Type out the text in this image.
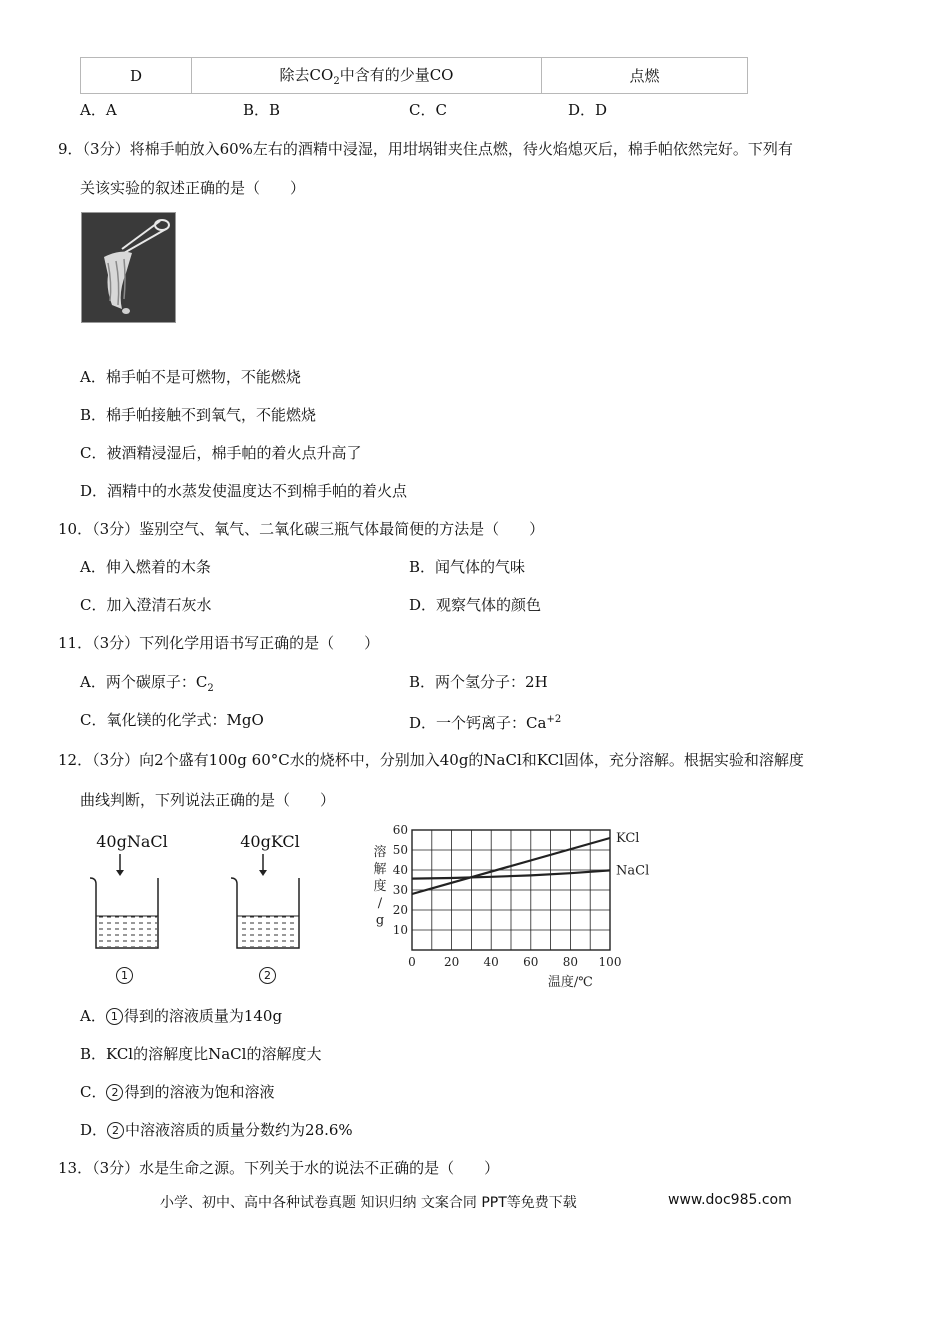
D	除去$CO_2$中含有的少量CO	点燃
A．A	B．B	C．C	D．D
9．（3分）将棉手帕放入60%左右的酒精中浸湿，用坩埚钳夹住点燃，待火焰熄灭后，棉手帕依然完好。下列有
关该实验的叙述正确的是（　　）
A．棉手帕不是可燃物，不能燃烧
B．棉手帕接触不到氧气，不能燃烧
C．被酒精浸湿后，棉手帕的着火点升高了
D．酒精中的水蒸发使温度达不到棉手帕的着火点
10．（3分）鉴别空气、氧气、二氧化碳三瓶气体最简便的方法是（　　）
A．伸入燃着的木条	B．闻气体的气味
C．加入澄清石灰水	D．观察气体的颜色
11．（3分）下列化学用语书写正确的是（　　）
A．两个碳原子：$C_2$	B．两个氢分子：2H
C．氧化镁的化学式：MgO	D．一个钙离子：$Ca^{+2}$
12．（3分）向2个盛有100g 60°C水的烧杯中，分别加入40g的NaCl和KCl固体，充分溶解。根据实验和溶解度
曲线判断，下列说法正确的是（　　）
40gNaCl
1
40gKCl
2
KCl
NaCl
0 20 40 60 80 100
10
20
30
40
50
60
溶
解
度
/
g
温度/℃
A． 1 得到的溶液质量为140g
B．KCl的溶解度比NaCl的溶解度大
C． 2 得到的溶液为饱和溶液
D． 2 中溶液溶质的质量分数约为28.6%
13．（3分）水是生命之源。下列关于水的说法不正确的是（　　）
小学、初中、高中各种试卷真题 知识归纳 文案合同 PPT等免费下载	www.doc985.com
